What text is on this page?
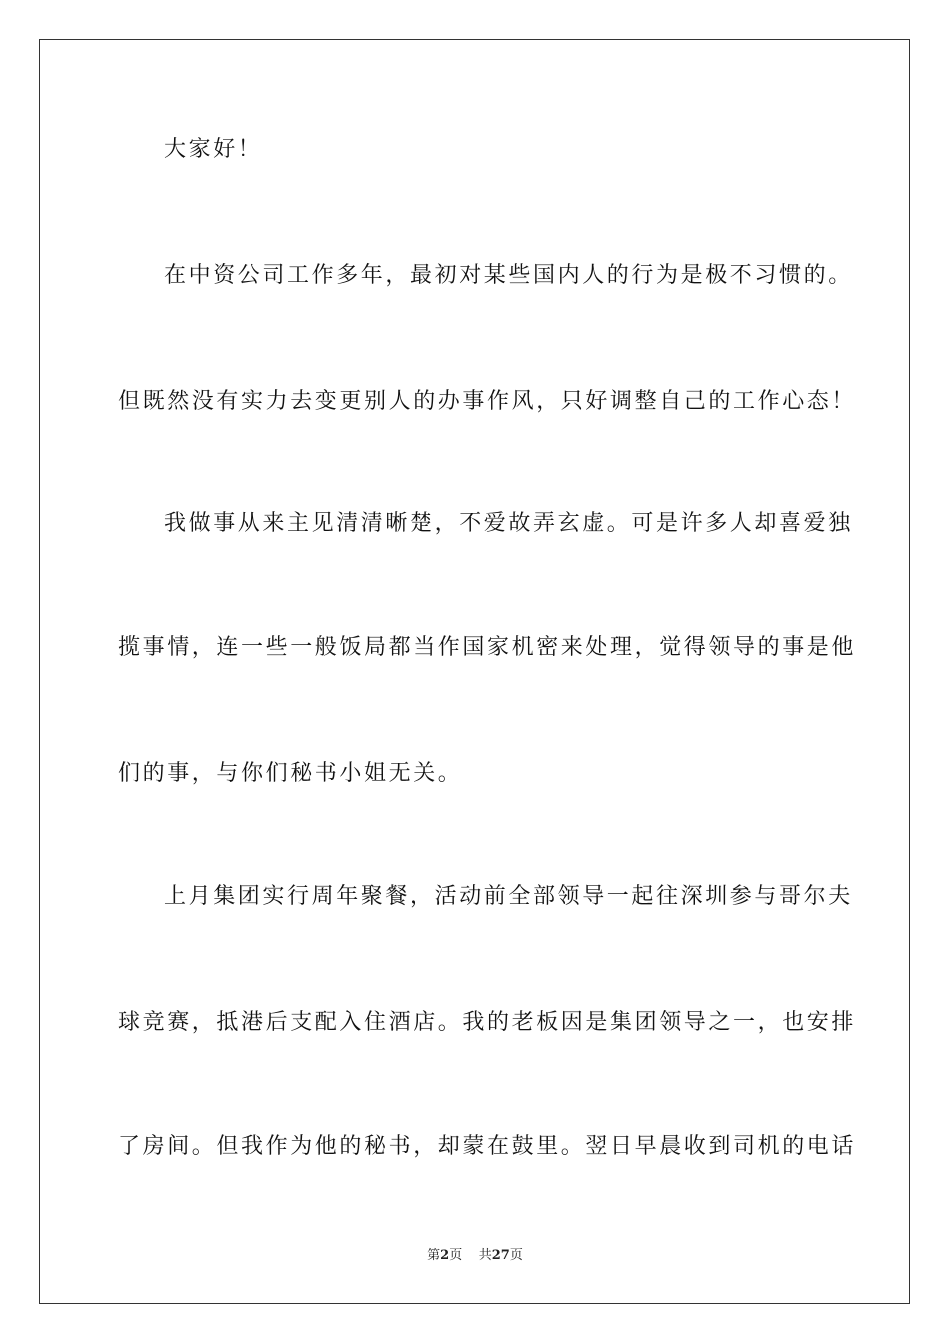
大家好！

在中资公司工作多年，最初对某些国内人的行为是极不习惯的。

但既然没有实力去变更别人的办事作风，只好调整自己的工作心态！

我做事从来主见清清晰楚，不爱故弄玄虚。可是许多人却喜爱独

揽事情，连一些一般饭局都当作国家机密来处理，觉得领导的事是他

们的事，与你们秘书小姐无关。

上月集团实行周年聚餐，活动前全部领导一起往深圳参与哥尔夫

球竞赛，抵港后支配入住酒店。我的老板因是集团领导之一，也安排

了房间。但我作为他的秘书，却蒙在鼓里。翌日早晨收到司机的电话

第2页 共27页
